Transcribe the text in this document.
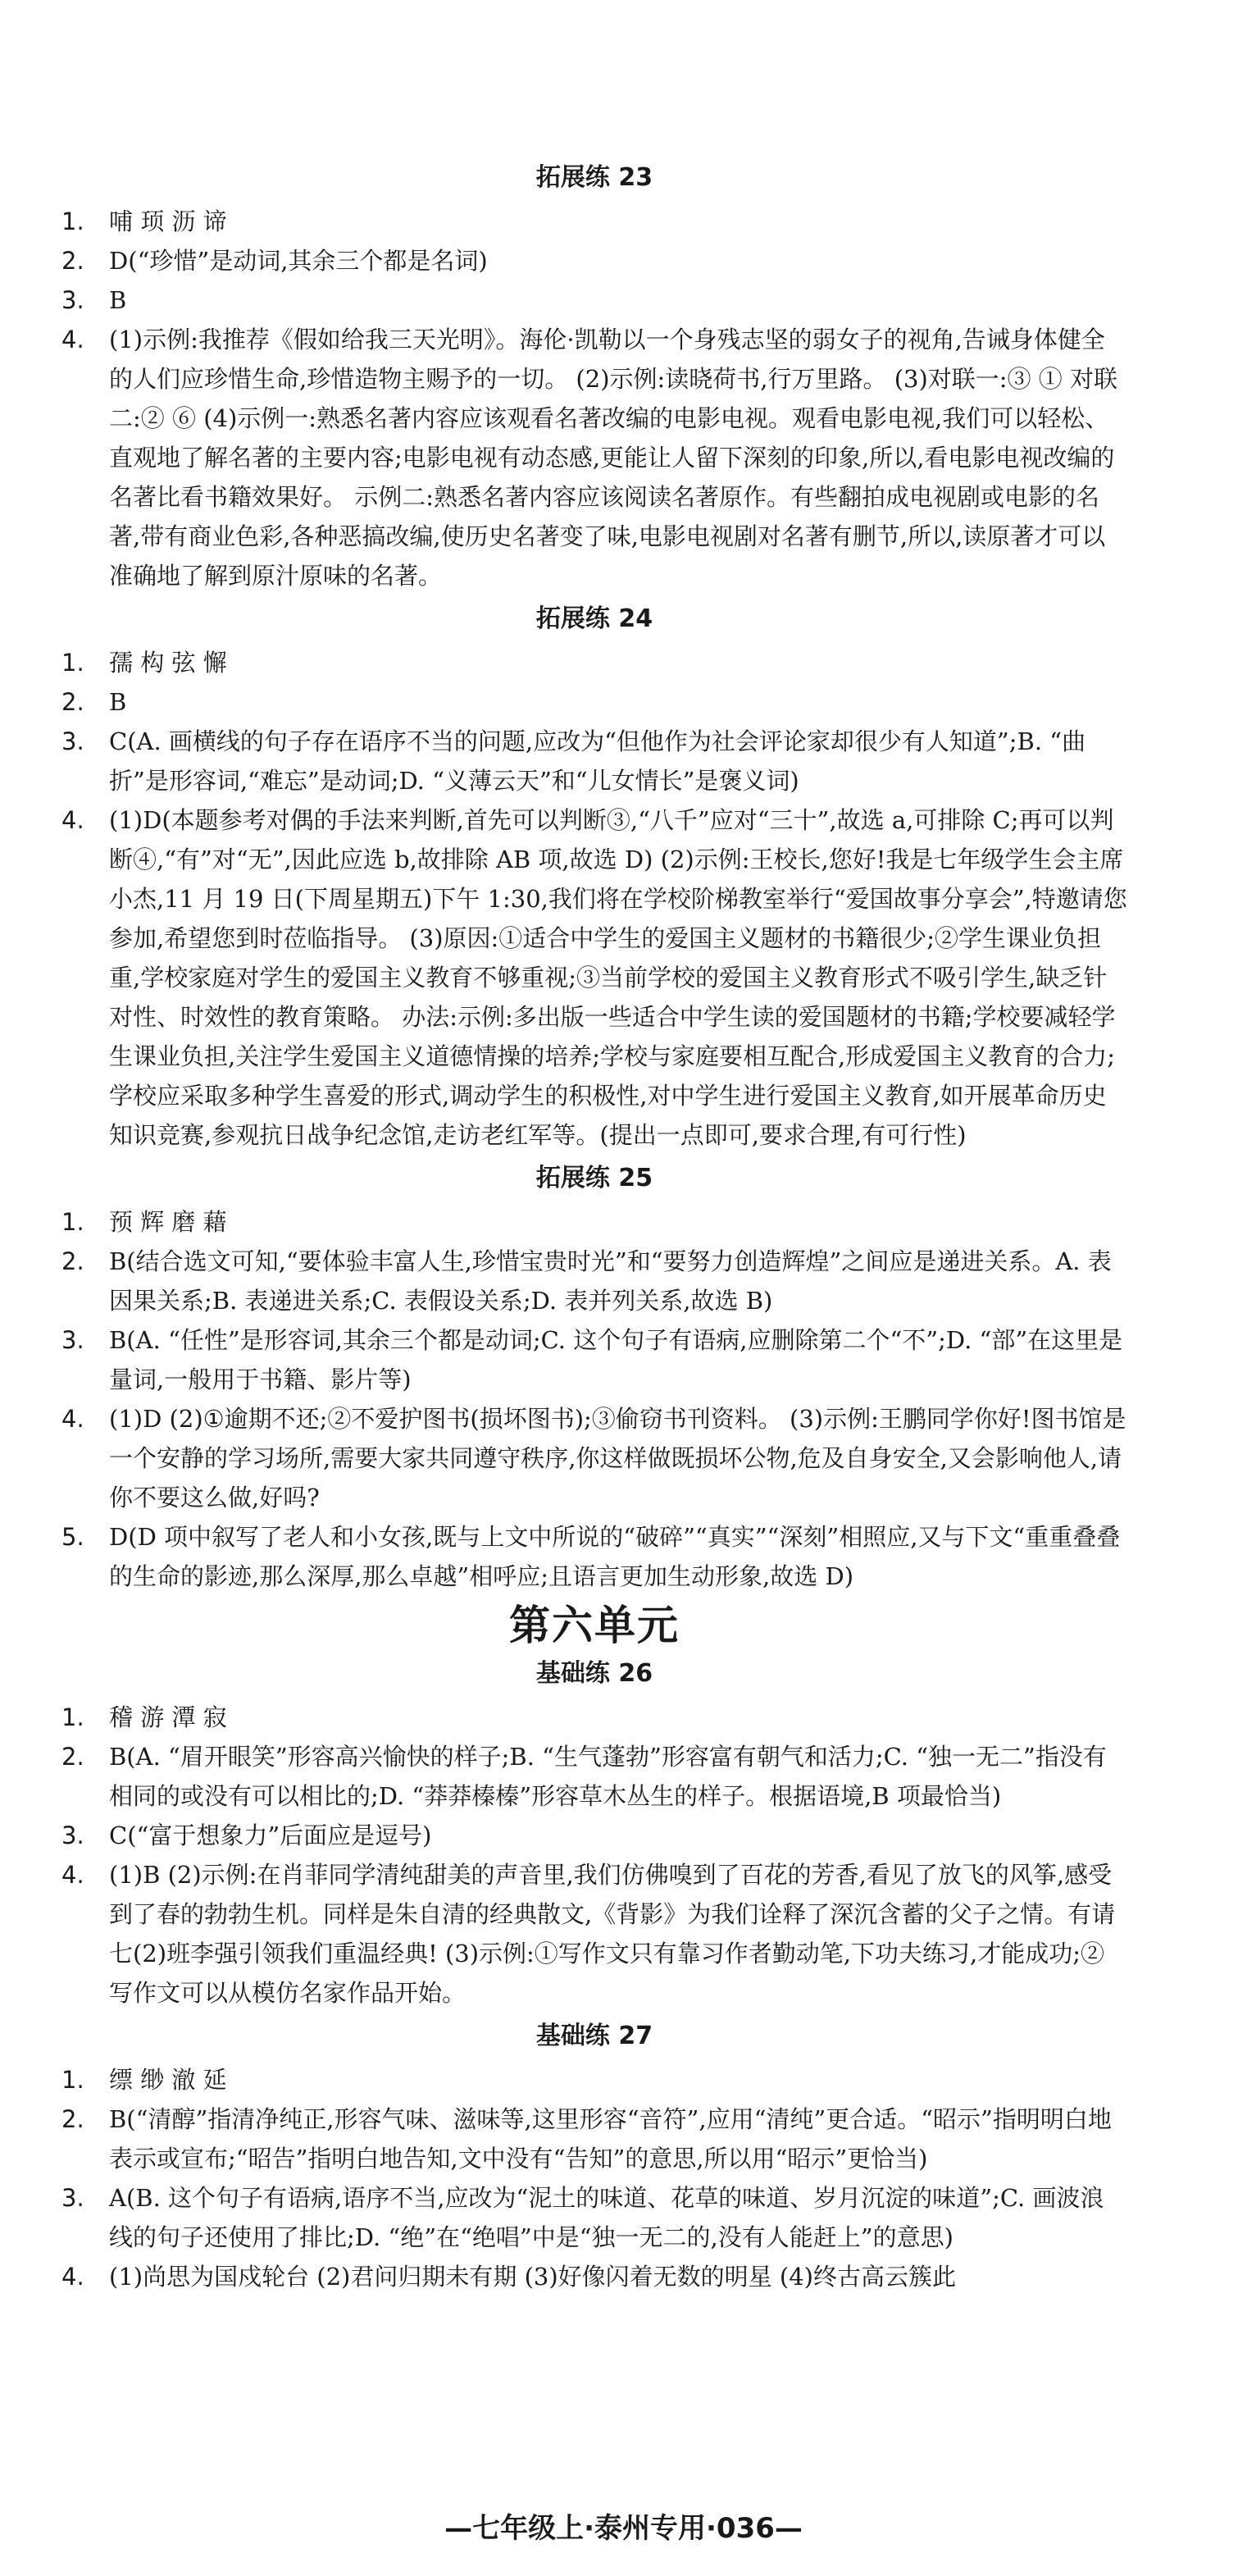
拓展练 23
1.	哺 顼 沥 谛
2.	D(“珍惜”是动词,其余三个都是名词)
3.	B
4.	(1)示例:我推荐《假如给我三天光明》。海伦·凯勒以一个身残志坚的弱女子的视角,告诫身体健全的人们应珍惜生命,珍惜造物主赐予的一切。 (2)示例:读晓荷书,行万里路。 (3)对联一:③ ① 对联二:② ⑥ (4)示例一:熟悉名著内容应该观看名著改编的电影电视。观看电影电视,我们可以轻松、直观地了解名著的主要内容;电影电视有动态感,更能让人留下深刻的印象,所以,看电影电视改编的名著比看书籍效果好。 示例二:熟悉名著内容应该阅读名著原作。有些翻拍成电视剧或电影的名著,带有商业色彩,各种恶搞改编,使历史名著变了味,电影电视剧对名著有删节,所以,读原著才可以准确地了解到原汁原味的名著。
拓展练 24
1.	孺 构 弦 懈
2.	B
3.	C(A. 画横线的句子存在语序不当的问题,应改为“但他作为社会评论家却很少有人知道”;B. “曲折”是形容词,“难忘”是动词;D. “义薄云天”和“儿女情长”是褒义词)
4.	(1)D(本题参考对偶的手法来判断,首先可以判断③,“八千”应对“三十”,故选 a,可排除 C;再可以判断④,“有”对“无”,因此应选 b,故排除 AB 项,故选 D) (2)示例:王校长,您好!我是七年级学生会主席小杰,11 月 19 日(下周星期五)下午 1:30,我们将在学校阶梯教室举行“爱国故事分享会”,特邀请您参加,希望您到时莅临指导。 (3)原因:①适合中学生的爱国主义题材的书籍很少;②学生课业负担重,学校家庭对学生的爱国主义教育不够重视;③当前学校的爱国主义教育形式不吸引学生,缺乏针对性、时效性的教育策略。 办法:示例:多出版一些适合中学生读的爱国题材的书籍;学校要减轻学生课业负担,关注学生爱国主义道德情操的培养;学校与家庭要相互配合,形成爱国主义教育的合力;学校应采取多种学生喜爱的形式,调动学生的积极性,对中学生进行爱国主义教育,如开展革命历史知识竞赛,参观抗日战争纪念馆,走访老红军等。(提出一点即可,要求合理,有可行性)
拓展练 25
1.	预 辉 磨 藉
2.	B(结合选文可知,“要体验丰富人生,珍惜宝贵时光”和“要努力创造辉煌”之间应是递进关系。A. 表因果关系;B. 表递进关系;C. 表假设关系;D. 表并列关系,故选 B)
3.	B(A. “任性”是形容词,其余三个都是动词;C. 这个句子有语病,应删除第二个“不”;D. “部”在这里是量词,一般用于书籍、影片等)
4.	(1)D (2)①逾期不还;②不爱护图书(损坏图书);③偷窃书刊资料。 (3)示例:王鹏同学你好!图书馆是一个安静的学习场所,需要大家共同遵守秩序,你这样做既损坏公物,危及自身安全,又会影响他人,请你不要这么做,好吗?
5.	D(D 项中叙写了老人和小女孩,既与上文中所说的“破碎”“真实”“深刻”相照应,又与下文“重重叠叠的生命的影迹,那么深厚,那么卓越”相呼应;且语言更加生动形象,故选 D)
第六单元
基础练 26
1.	稽 游 潭 寂
2.	B(A. “眉开眼笑”形容高兴愉快的样子;B. “生气蓬勃”形容富有朝气和活力;C. “独一无二”指没有相同的或没有可以相比的;D. “莽莽榛榛”形容草木丛生的样子。根据语境,B 项最恰当)
3.	C(“富于想象力”后面应是逗号)
4.	(1)B (2)示例:在肖菲同学清纯甜美的声音里,我们仿佛嗅到了百花的芳香,看见了放飞的风筝,感受到了春的勃勃生机。同样是朱自清的经典散文,《背影》为我们诠释了深沉含蓄的父子之情。有请七(2)班李强引领我们重温经典! (3)示例:①写作文只有靠习作者勤动笔,下功夫练习,才能成功;②写作文可以从模仿名家作品开始。
基础练 27
1.	缥 缈 澈 延
2.	B(“清醇”指清净纯正,形容气味、滋味等,这里形容“音符”,应用“清纯”更合适。“昭示”指明明白地表示或宣布;“昭告”指明白地告知,文中没有“告知”的意思,所以用“昭示”更恰当)
3.	A(B. 这个句子有语病,语序不当,应改为“泥土的味道、花草的味道、岁月沉淀的味道”;C. 画波浪线的句子还使用了排比;D. “绝”在“绝唱”中是“独一无二的,没有人能赶上”的意思)
4.	(1)尚思为国戍轮台 (2)君问归期未有期 (3)好像闪着无数的明星 (4)终古高云簇此
—七年级上·泰州专用·036—
